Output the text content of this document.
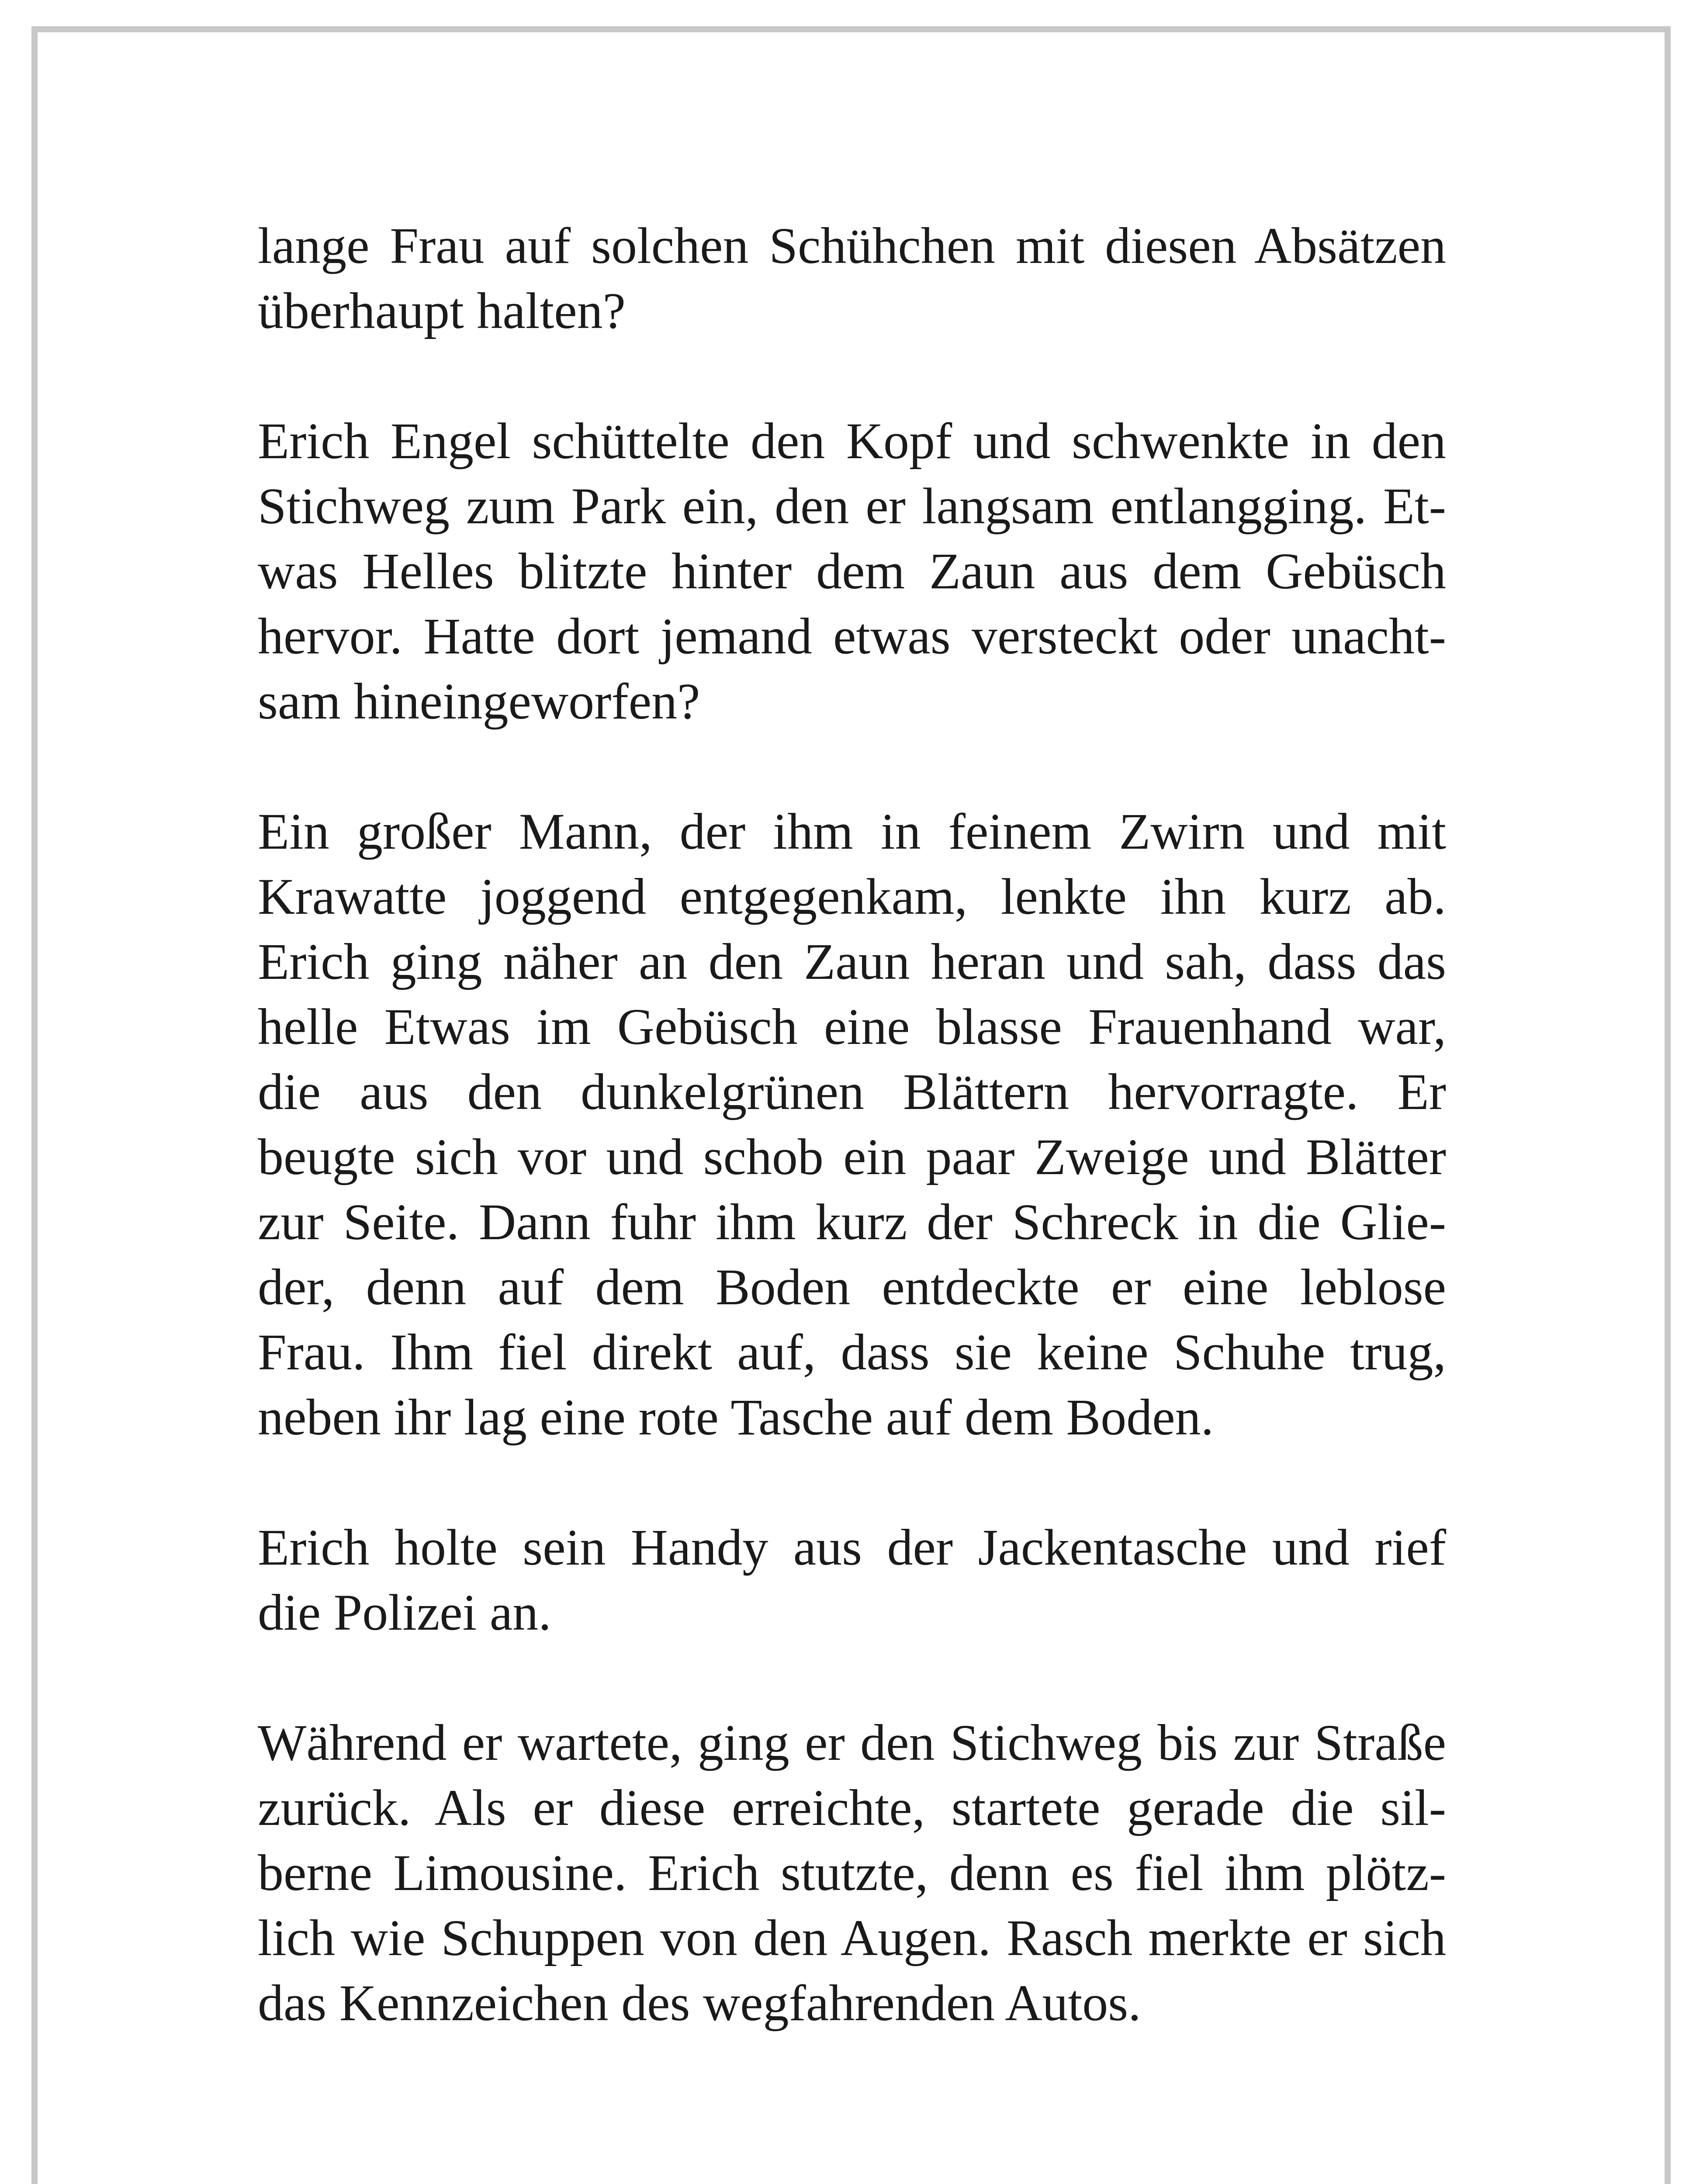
lange Frau auf solchen Schühchen mit diesen Absätzen
überhaupt halten?

Erich Engel schüttelte den Kopf und schwenkte in den
Stichweg zum Park ein, den er langsam entlangging. Et-
was Helles blitzte hinter dem Zaun aus dem Gebüsch
hervor. Hatte dort jemand etwas versteckt oder unacht-
sam hineingeworfen?

Ein großer Mann, der ihm in feinem Zwirn und mit
Krawatte joggend entgegenkam, lenkte ihn kurz ab.
Erich ging näher an den Zaun heran und sah, dass das
helle Etwas im Gebüsch eine blasse Frauenhand war,
die aus den dunkelgrünen Blättern hervorragte. Er
beugte sich vor und schob ein paar Zweige und Blätter
zur Seite. Dann fuhr ihm kurz der Schreck in die Glie-
der, denn auf dem Boden entdeckte er eine leblose
Frau. Ihm fiel direkt auf, dass sie keine Schuhe trug,
neben ihr lag eine rote Tasche auf dem Boden.

Erich holte sein Handy aus der Jackentasche und rief
die Polizei an.

Während er wartete, ging er den Stichweg bis zur Straße
zurück. Als er diese erreichte, startete gerade die sil-
berne Limousine. Erich stutzte, denn es fiel ihm plötz-
lich wie Schuppen von den Augen. Rasch merkte er sich
das Kennzeichen des wegfahrenden Autos.
